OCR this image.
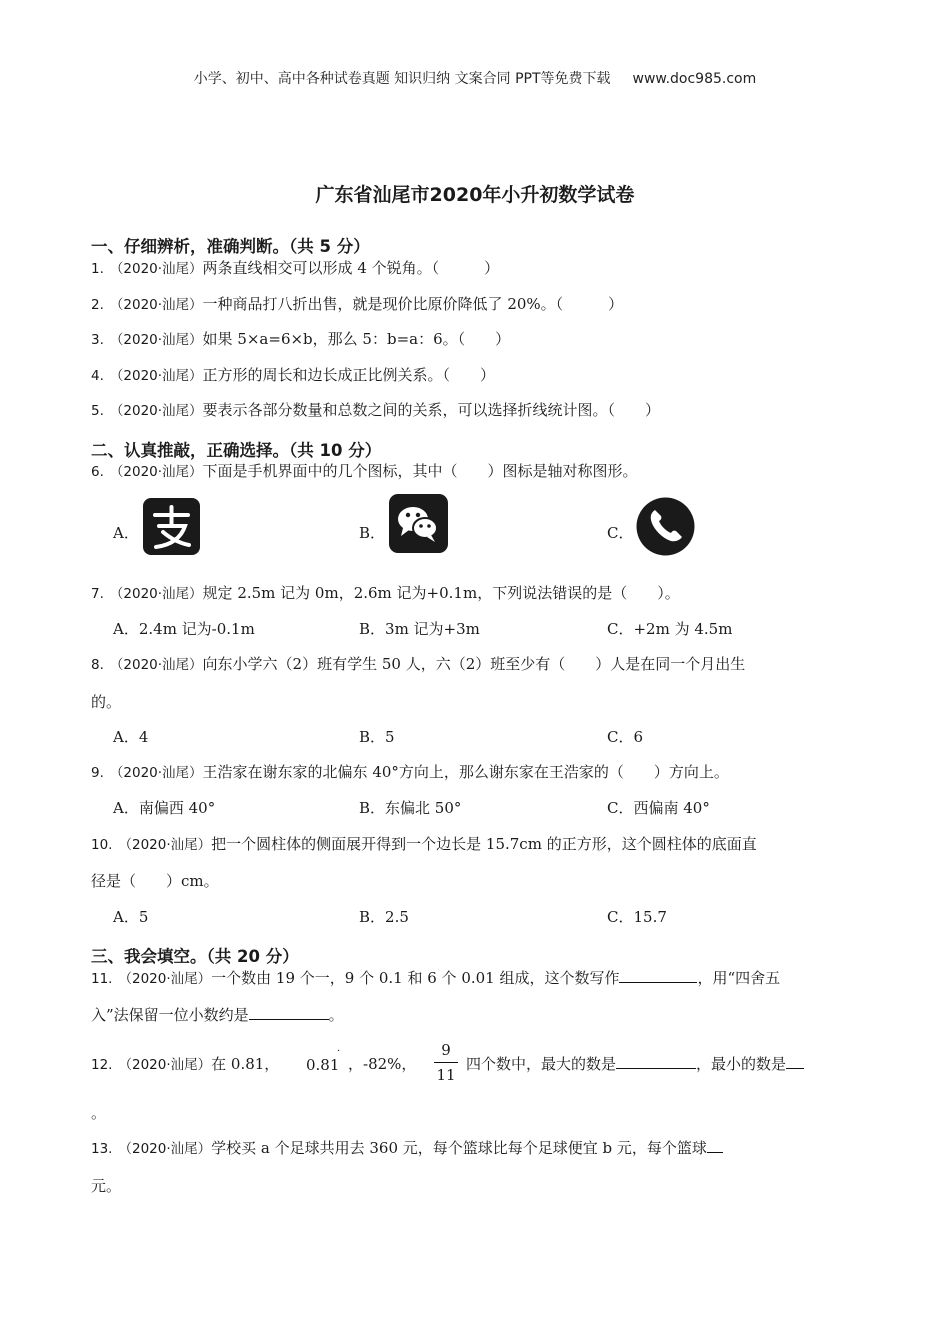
小学、初中、高中各种试卷真题 知识归纳 文案合同 PPT等免费下载 www.doc985.com
广东省汕尾市2020年小升初数学试卷
一、仔细辨析，准确判断。（共 5 分）
1. （2020·汕尾）两条直线相交可以形成 4 个锐角。（　　　）
2. （2020·汕尾）一种商品打八折出售，就是现价比原价降低了 20%。（　　　）
3. （2020·汕尾）如果 5×a=6×b，那么 5：b=a：6。（　　）
4. （2020·汕尾）正方形的周长和边长成正比例关系。（　　）
5. （2020·汕尾）要表示各部分数量和总数之间的关系，可以选择折线统计图。（　　）
二、认真推敲，正确选择。（共 10 分）
6. （2020·汕尾）下面是手机界面中的几个图标，其中（　　）图标是轴对称图形。
A．	B．	C．
7. （2020·汕尾）规定 2.5m 记为 0m，2.6m 记为+0.1m，下列说法错误的是（　　）。
A．2.4m 记为-0.1m	B．3m 记为+3m	C．+2m 为 4.5m
8. （2020·汕尾）向东小学六（2）班有学生 50 人，六（2）班至少有（　　）人是在同一个月出生
的。
A．4	B．5	C．6
9. （2020·汕尾）王浩家在谢东家的北偏东 40°方向上，那么谢东家在王浩家的（　　）方向上。
A．南偏西 40°	B．东偏北 50°	C．西偏南 40°
10. （2020·汕尾）把一个圆柱体的侧面展开得到一个边长是 15.7cm 的正方形，这个圆柱体的底面直
径是（　　）cm。
A．5	B．2.5	C．15.7
三、我会填空。（共 20 分）
11. （2020·汕尾）一个数由 19 个一，9 个 0.1 和 6 个 0.01 组成，这个数写作	，用“四舍五
入”法保留一位小数约是	。
12. （2020·汕尾）在 0.81， 0.81
·
，-82%，
9
11
四个数中，最大的数是	，最小的数是
。
13. （2020·汕尾）学校买 a 个足球共用去 360 元，每个篮球比每个足球便宜 b 元，每个篮球
元。
